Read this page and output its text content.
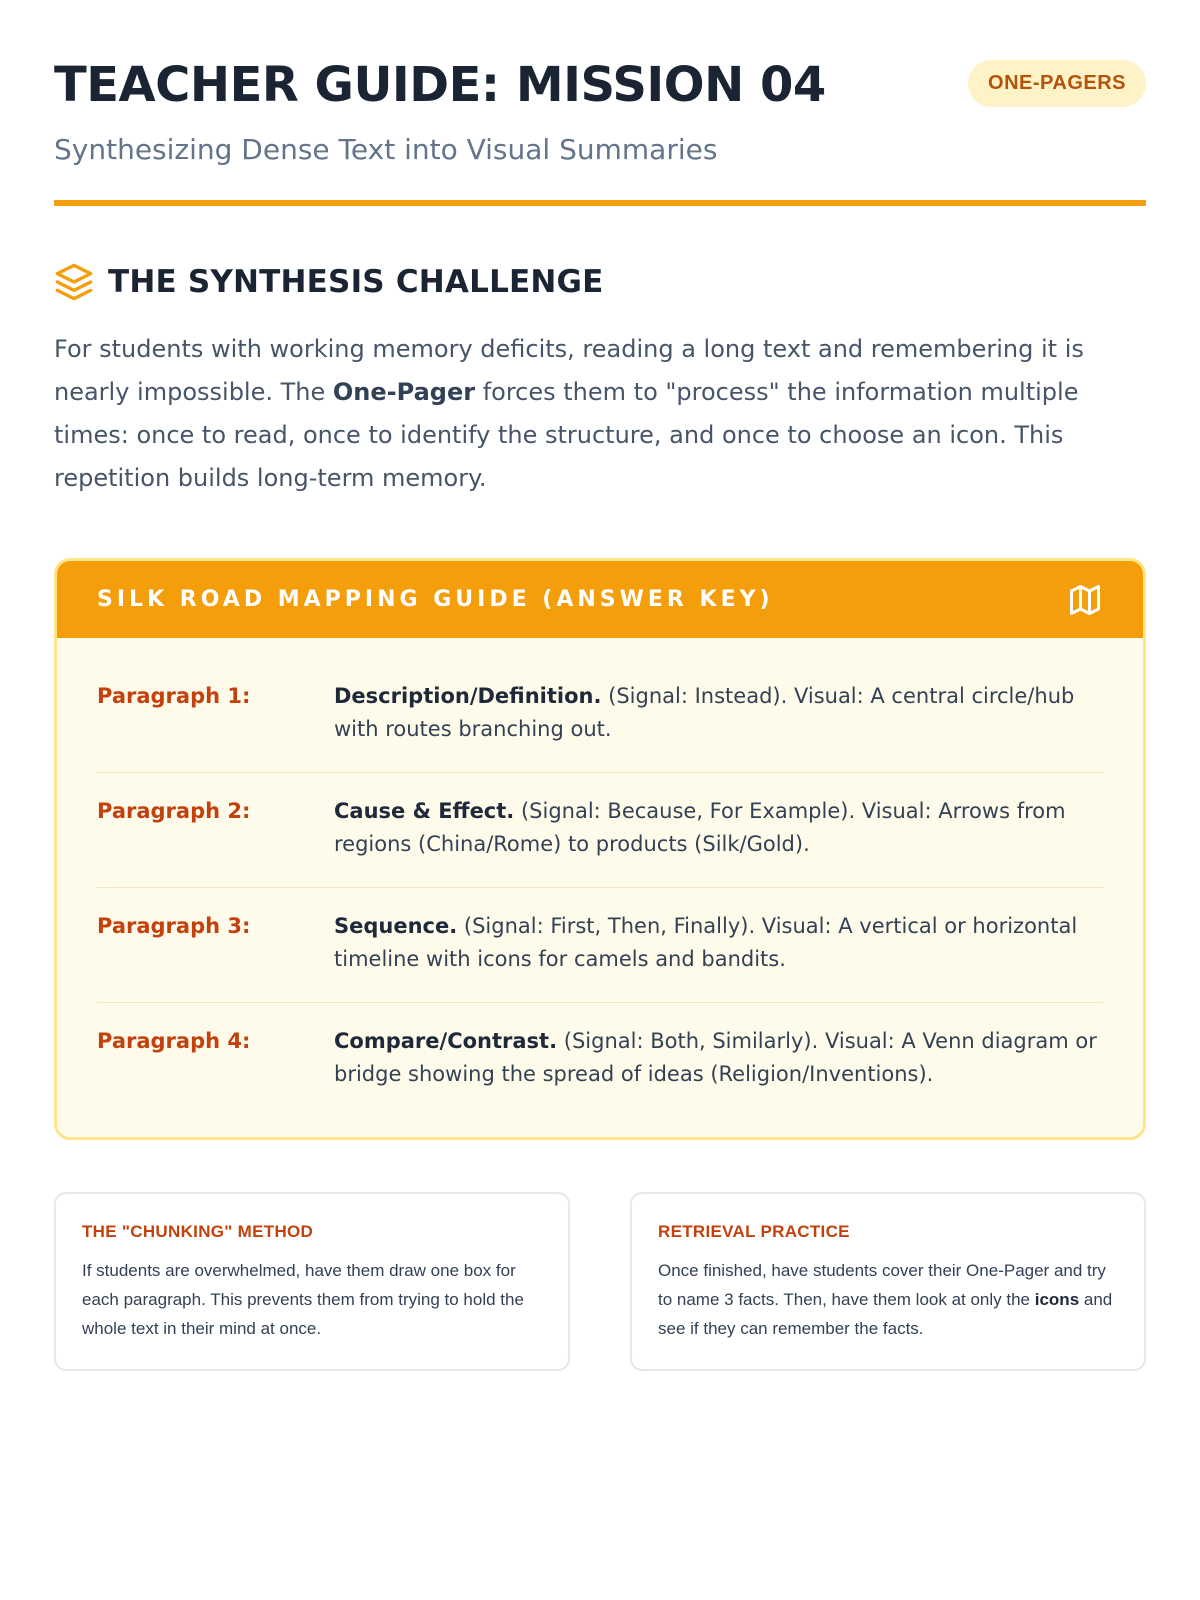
TEACHER GUIDE: MISSION 04	ONE-PAGERS
Synthesizing Dense Text into Visual Summaries
THE SYNTHESIS CHALLENGE

For students with working memory deficits, reading a long text and remembering it is nearly impossible. The One-Pager forces them to "process" the information multiple times: once to read, once to identify the structure, and once to choose an icon. This repetition builds long-term memory.

SILK ROAD MAPPING GUIDE (ANSWER KEY)
Paragraph 1:	Description/Definition. (Signal: Instead). Visual: A central circle/hub with routes branching out.
Paragraph 2:	Cause & Effect. (Signal: Because, For Example). Visual: Arrows from regions (China/Rome) to products (Silk/Gold).
Paragraph 3:	Sequence. (Signal: First, Then, Finally). Visual: A vertical or horizontal timeline with icons for camels and bandits.
Paragraph 4:	Compare/Contrast. (Signal: Both, Similarly). Visual: A Venn diagram or bridge showing the spread of ideas (Religion/Inventions).
THE "CHUNKING" METHOD
If students are overwhelmed, have them draw one box for each paragraph. This prevents them from trying to hold the whole text in their mind at once.
RETRIEVAL PRACTICE
Once finished, have students cover their One-Pager and try to name 3 facts. Then, have them look at only the icons and see if they can remember the facts.
